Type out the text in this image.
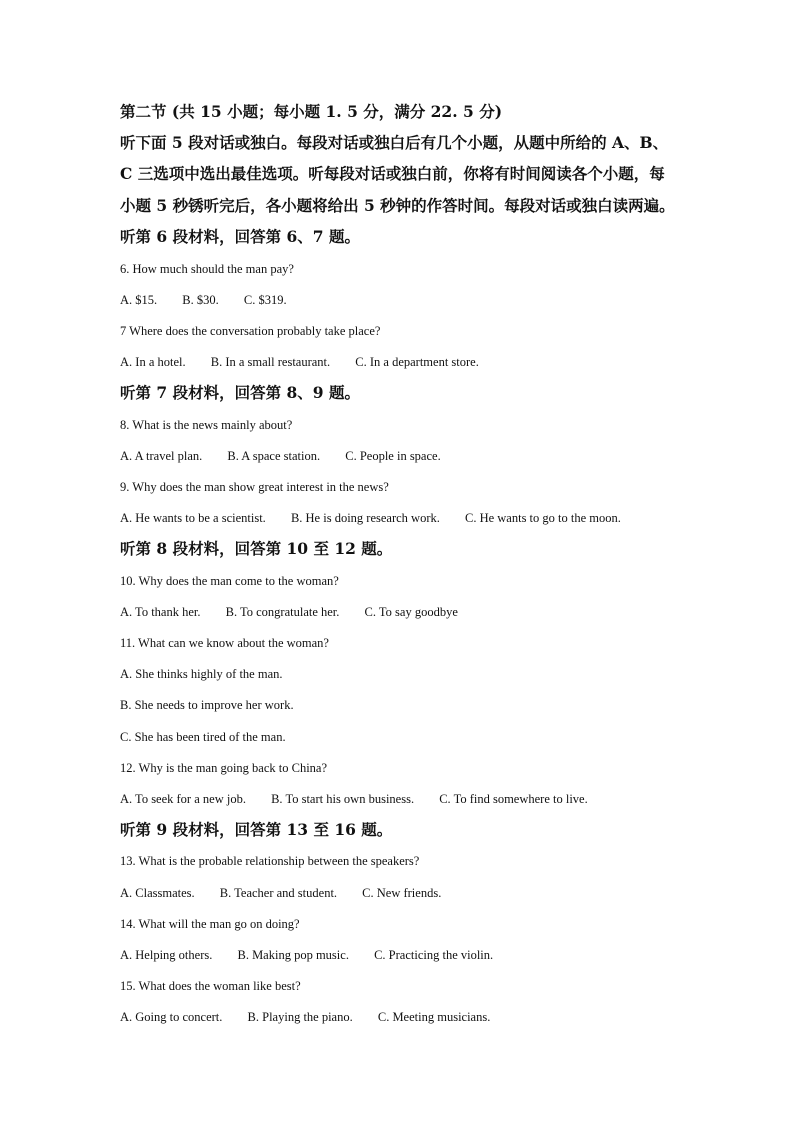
第二节 (共 15 小题；每小题 1. 5 分，满分 22. 5 分)
听下面 5 段对话或独白。每段对话或独白后有几个小题，从题中所给的 A、B、
C 三选项中选出最佳选项。听每段对话或独白前，你将有时间阅读各个小题，每
小题 5 秒锈听完后，各小题将给出 5 秒钟的作答时间。每段对话或独白读两遍。
听第 6 段材料，回答第 6、7 题。
6. How much should the man pay?
A. $15. B. $30. C. $319.
7 Where does the conversation probably take place?
A. In a hotel. B. In a small restaurant. C. In a department store.
听第 7 段材料，回答第 8、9 题。
8. What is the news mainly about?
A. A travel plan. B. A space station. C. People in space.
9. Why does the man show great interest in the news?
A. He wants to be a scientist. B. He is doing research work. C. He wants to go to the moon.
听第 8 段材料，回答第 10 至 12 题。
10. Why does the man come to the woman?
A. To thank her. B. To congratulate her. C. To say goodbye
11. What can we know about the woman?
A. She thinks highly of the man.
B. She needs to improve her work.
C. She has been tired of the man.
12. Why is the man going back to China?
A. To seek for a new job. B. To start his own business. C. To find somewhere to live.
听第 9 段材料，回答第 13 至 16 题。
13. What is the probable relationship between the speakers?
A. Classmates. B. Teacher and student. C. New friends.
14. What will the man go on doing?
A. Helping others. B. Making pop music. C. Practicing the violin.
15. What does the woman like best?
A. Going to concert. B. Playing the piano. C. Meeting musicians.
